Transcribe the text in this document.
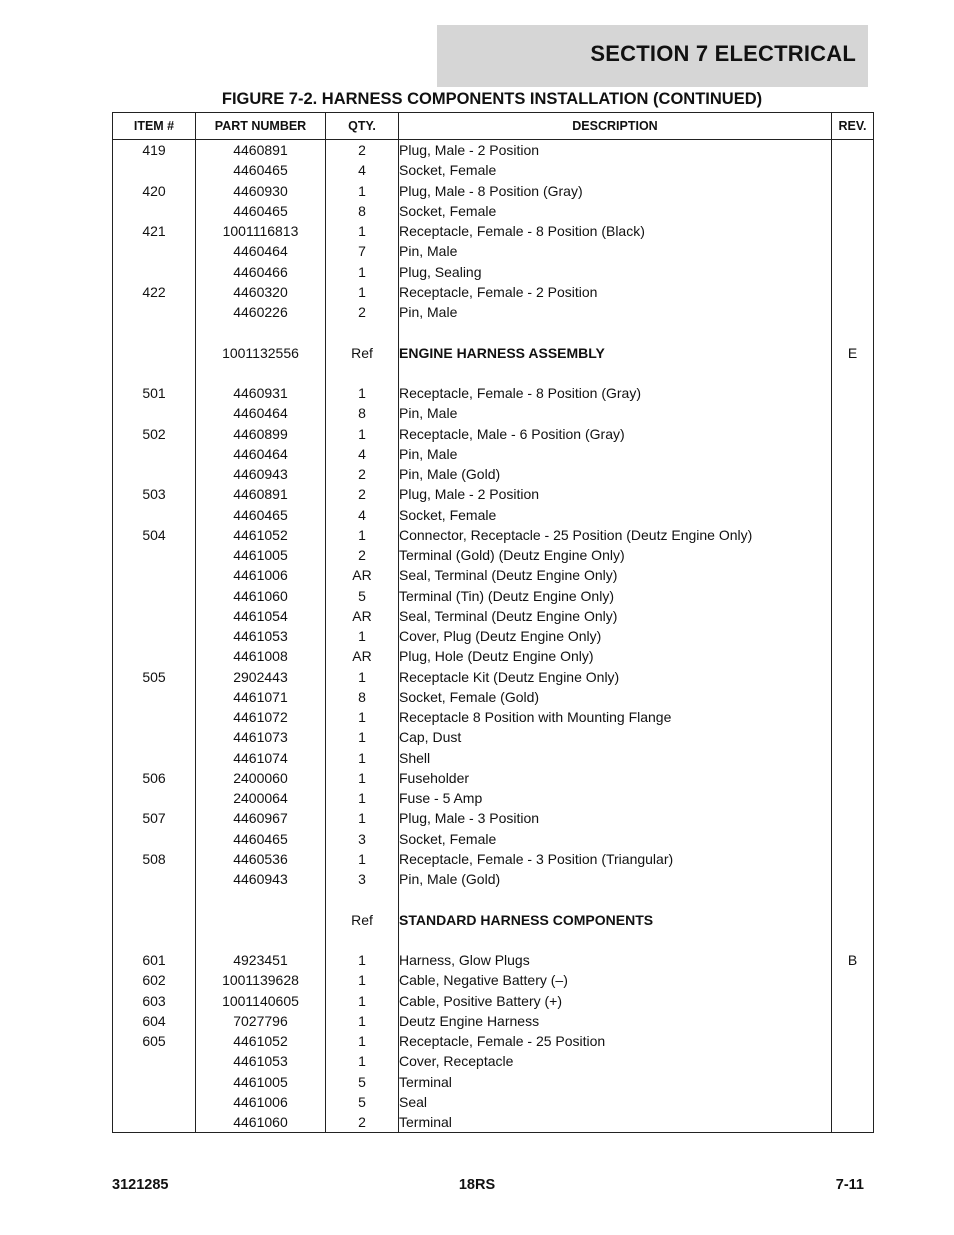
SECTION 7 ELECTRICAL
FIGURE 7-2. HARNESS COMPONENTS INSTALLATION (CONTINUED)
ITEM #	PART NUMBER	QTY.	DESCRIPTION	REV.
419	4460891	2	Plug, Male - 2 Position	
	4460465	4	Socket, Female	
420	4460930	1	Plug, Male - 8 Position (Gray)	
	4460465	8	Socket, Female	
421	1001116813	1	Receptacle, Female - 8 Position (Black)	
	4460464	7	Pin, Male	
	4460466	1	Plug, Sealing	
422	4460320	1	Receptacle, Female - 2 Position	
	4460226	2	Pin, Male	

	1001132556	Ref	ENGINE HARNESS ASSEMBLY	E

501	4460931	1	Receptacle, Female - 8 Position (Gray)	
	4460464	8	Pin, Male	
502	4460899	1	Receptacle, Male - 6 Position (Gray)	
	4460464	4	Pin, Male	
	4460943	2	Pin, Male (Gold)	
503	4460891	2	Plug, Male - 2 Position	
	4460465	4	Socket, Female	
504	4461052	1	Connector, Receptacle - 25 Position (Deutz Engine Only)	
	4461005	2	Terminal (Gold) (Deutz Engine Only)	
	4461006	AR	Seal, Terminal (Deutz Engine Only)	
	4461060	5	Terminal (Tin) (Deutz Engine Only)	
	4461054	AR	Seal, Terminal (Deutz Engine Only)	
	4461053	1	Cover, Plug (Deutz Engine Only)	
	4461008	AR	Plug, Hole (Deutz Engine Only)	
505	2902443	1	Receptacle Kit (Deutz Engine Only)	
	4461071	8	Socket, Female (Gold)	
	4461072	1	Receptacle 8 Position with Mounting Flange	
	4461073	1	Cap, Dust	
	4461074	1	Shell	
506	2400060	1	Fuseholder	
	2400064	1	Fuse - 5 Amp	
507	4460967	1	Plug, Male - 3 Position	
	4460465	3	Socket, Female	
508	4460536	1	Receptacle, Female - 3 Position (Triangular)	
	4460943	3	Pin, Male (Gold)	

		Ref	STANDARD HARNESS COMPONENTS	

601	4923451	1	Harness, Glow Plugs	B
602	1001139628	1	Cable, Negative Battery (–)	
603	1001140605	1	Cable, Positive Battery (+)	
604	7027796	1	Deutz Engine Harness	
605	4461052	1	Receptacle, Female - 25 Position	
	4461053	1	Cover, Receptacle	
	4461005	5	Terminal	
	4461006	5	Seal	
	4461060	2	Terminal	
3121285	18RS	7-11
